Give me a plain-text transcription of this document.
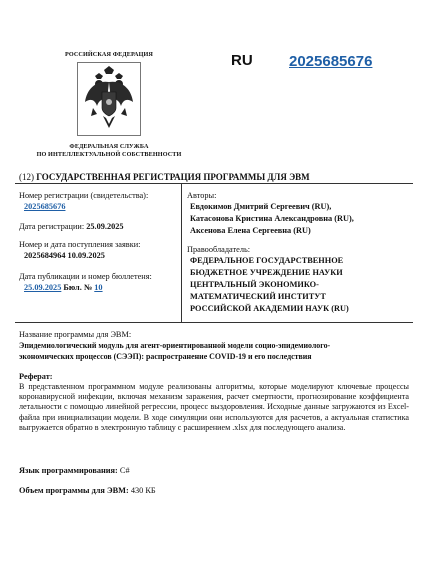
РОССИЙСКАЯ ФЕДЕРАЦИЯ
ФЕДЕРАЛЬНАЯ СЛУЖБА
ПО ИНТЕЛЛЕКТУАЛЬНОЙ СОБСТВЕННОСТИ
RU 2025685676
(12) ГОСУДАРСТВЕННАЯ РЕГИСТРАЦИЯ ПРОГРАММЫ ДЛЯ ЭВМ
Номер регистрации (свидетельства):
2025685676
Дата регистрации: 25.09.2025
Номер и дата поступления заявки:
2025684964 10.09.2025
Дата публикации и номер бюллетеня:
25.09.2025 Бюл. № 10
Авторы:
Евдокимов Дмитрий Сергеевич (RU),
Катасонова Кристина Александровна (RU),
Аксенова Елена Сергеевна (RU)
Правообладатель:
ФЕДЕРАЛЬНОЕ ГОСУДАРСТВЕННОЕ
БЮДЖЕТНОЕ УЧРЕЖДЕНИЕ НАУКИ
ЦЕНТРАЛЬНЫЙ ЭКОНОМИКО-
МАТЕМАТИЧЕСКИЙ ИНСТИТУТ
РОССИЙСКОЙ АКАДЕМИИ НАУК (RU)
Название программы для ЭВМ:
Эпидемиологический модуль для агент-ориентированной модели социо-эпидемиолого-
экономических процессов (СЭЭП): распространение COVID-19 и его последствия
Реферат:
В представленном программном модуле реализованы алгоритмы, которые моделируют ключевые процессы коронавирусной инфекции, включая механизм заражения, расчет смертности, прогнозирование коэффициента летальности с помощью линейной регрессии, процесс выздоровления. Исходные данные загружаются из Excel-файла при инициализации модели. В ходе симуляции они используются для расчетов, а актуальная статистика выгружается обратно в электронную таблицу с расширением .xlsx для последующего анализа.
Язык программирования: C#
Объем программы для ЭВМ: 430 КБ
